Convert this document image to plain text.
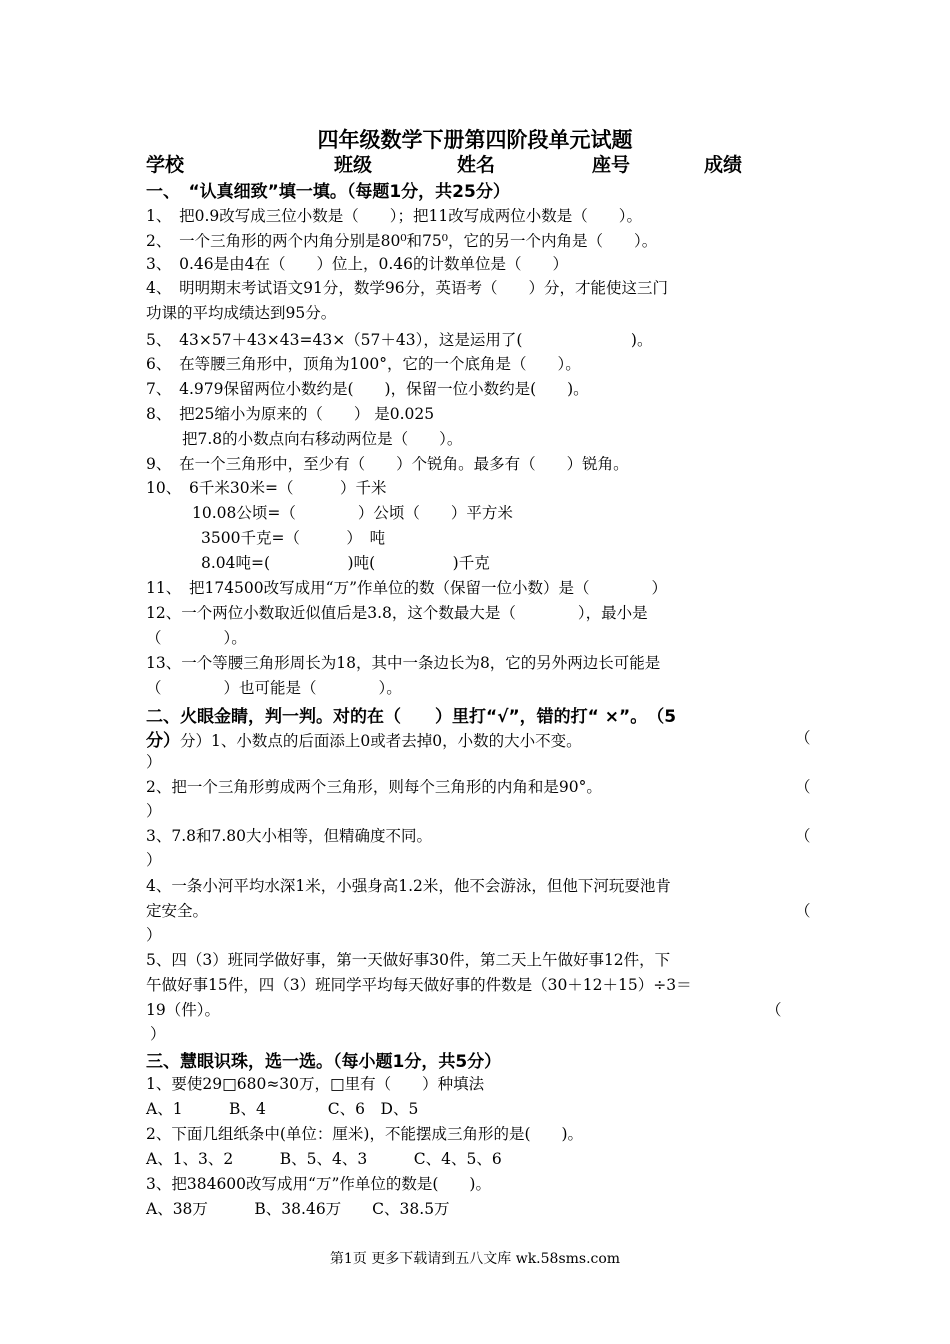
四年级数学下册第四阶段单元试题
学校	班级	姓名	座号	成绩
一、　“认真细致”填一填。（每题1分，共25分）
1、　把0.9改写成三位小数是（　　）；把11改写成两位小数是（　　）。
2、　一个三角形的两个内角分别是80⁰和75⁰，它的另一个内角是（　　）。
3、　0.46是由4在（　　）位上，0.46的计数单位是（　　）
4、　明明期末考试语文91分，数学96分，英语考（　　）分，才能使这三门
功课的平均成绩达到95分。
5、　43×57＋43×43=43×（57＋43），这是运用了(　　　　　　　)。
6、　在等腰三角形中，顶角为100°，它的一个底角是（　　）。
7、　4.979保留两位小数约是(　　)，保留一位小数约是(　　)。
8、　把25缩小为原来的（　　） 是0.025
把7.8的小数点向右移动两位是（　　）。
9、　在一个三角形中，至少有（　　）个锐角。最多有（　　）锐角。
10、　6千米30米=（　　　）千米
10.08公顷=（　　　　）公顷（　　）平方米
3500千克=（　　　）　吨
8.04吨=(　　　　　)吨(　　　　　)千克
11、　把174500改写成用“万”作单位的数（保留一位小数）是（　　　　）
12、一个两位小数取近似值后是3.8，这个数最大是（　　　　），最小是
（　　　　）。
13、一个等腰三角形周长为18，其中一条边长为8，它的另外两边长可能是
（　　　　）也可能是（　　　　）。
二、火眼金睛，判一判。对的在（　　）里打“√”，错的打“ ×”。　（5
分）分）1、小数点的后面添上0或者去掉0，小数的大小不变。	（
）
2、把一个三角形剪成两个三角形，则每个三角形的内角和是90°。	（
）
3、7.8和7.80大小相等，但精确度不同。	（
）
4、一条小河平均水深1米，小强身高1.2米，他不会游泳，但他下河玩耍池肯
定安全。	（
）
5、四（3）班同学做好事，第一天做好事30件，第二天上午做好事12件，下
午做好事15件，四（3）班同学平均每天做好事的件数是（30＋12＋15）÷3＝
19（件）。	（
）
三、慧眼识珠，选一选。（每小题1分，共5分）
1、要使29□680≈30万，□里有（　　）种填法
A、1　　　B、4　　　　C、6　D、5
2、下面几组纸条中(单位：厘米)，不能摆成三角形的是(　　)。
A、1、3、2　　　B、5、4、3　　　C、4、5、6
3、把384600改写成用“万”作单位的数是(　　)。
A、38万　　　B、38.46万　　C、38.5万
第1页 更多下载请到五八文库 wk.58sms.com
